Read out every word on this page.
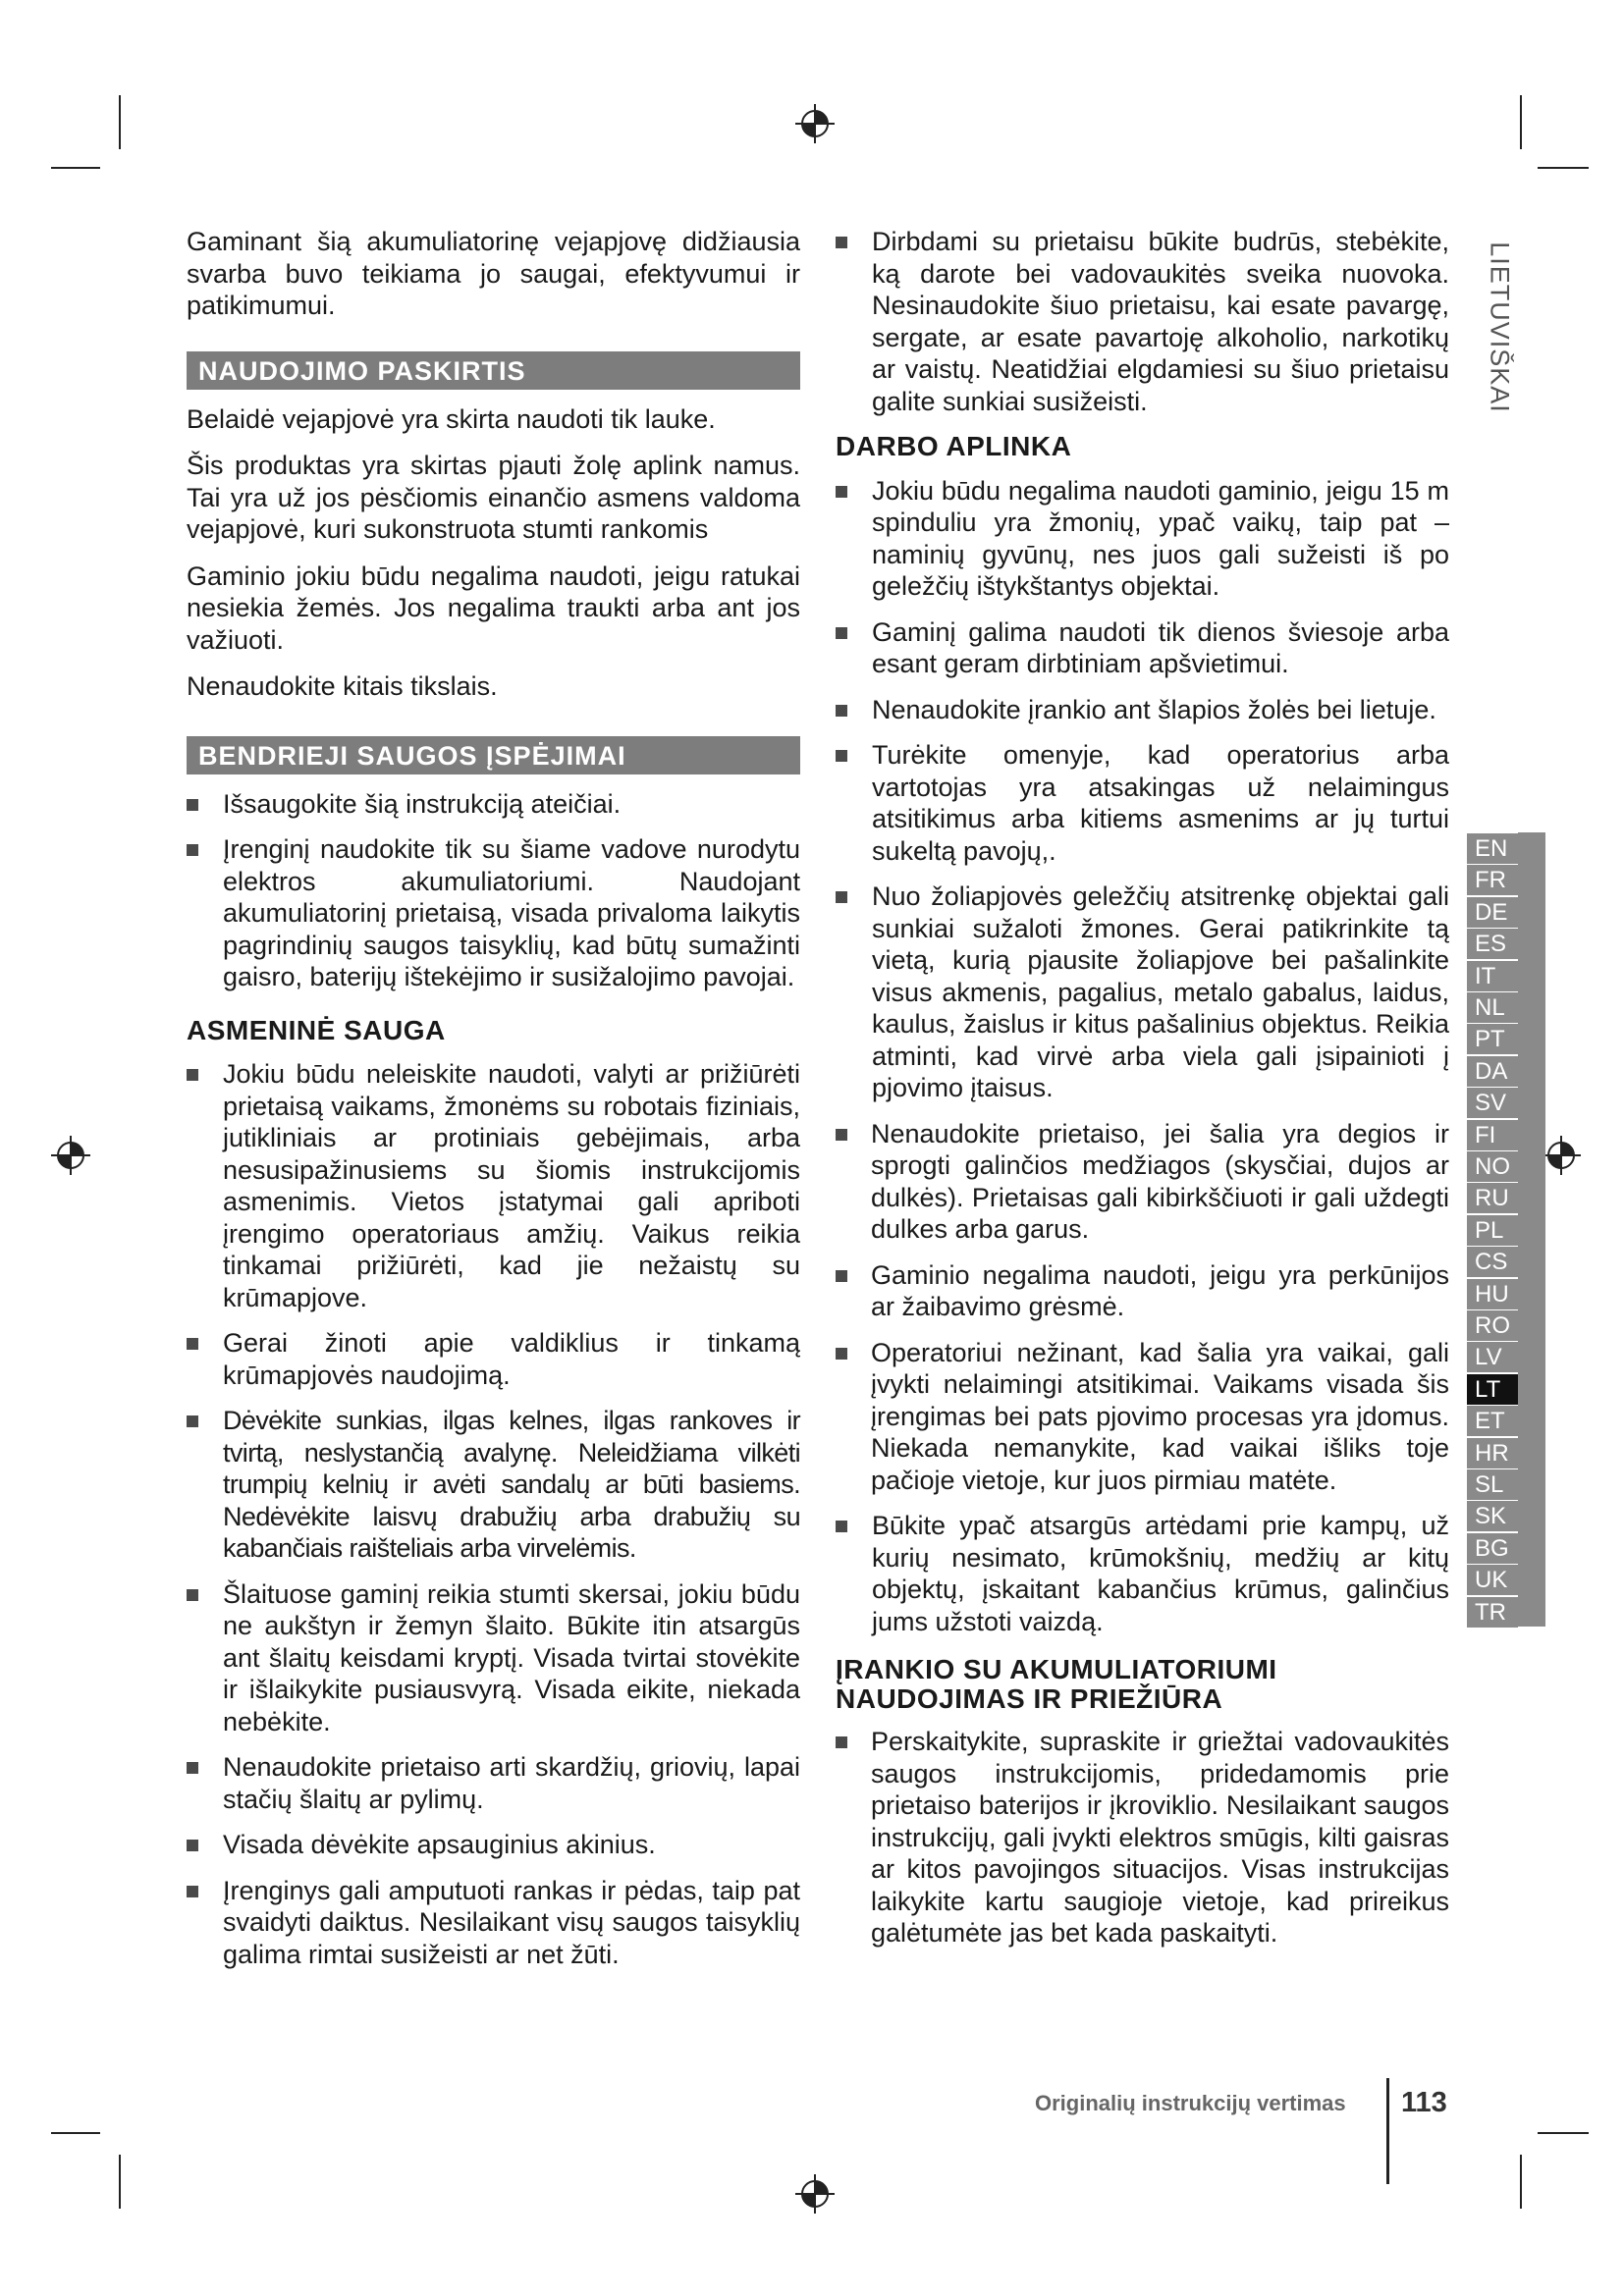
Gaminant šią akumuliatorinę vejapjovę didžiausia svarba buvo teikiama jo saugai, efektyvumui ir patikimumui.

NAUDOJIMO PASKIRTIS

Belaidė vejapjovė yra skirta naudoti tik lauke.

Šis produktas yra skirtas pjauti žolę aplink namus. Tai yra už jos pėsčiomis einančio asmens valdoma vejapjovė, kuri sukonstruota stumti rankomis

Gaminio jokiu būdu negalima naudoti, jeigu ratukai nesiekia žemės. Jos negalima traukti arba ant jos važiuoti.

Nenaudokite kitais tikslais.

BENDRIEJI SAUGOS ĮSPĖJIMAI
Išsaugokite šią instrukciją ateičiai.
Įrenginį naudokite tik su šiame vadove nurodytu elektros akumuliatoriumi. Naudojant akumuliatorinį prietaisą, visada privaloma laikytis pagrindinių saugos taisyklių, kad būtų sumažinti gaisro, baterijų ištekėjimo ir susižalojimo pavojai.
ASMENINĖ SAUGA
Jokiu būdu neleiskite naudoti, valyti ar prižiūrėti prietaisą vaikams, žmonėms su robotais fiziniais, jutikliniais ar protiniais gebėjimais, arba nesusipažinusiems su šiomis instrukcijomis asmenimis. Vietos įstatymai gali apriboti įrengimo operatoriaus amžių. Vaikus reikia tinkamai prižiūrėti, kad jie nežaistų su krūmapjove.
Gerai žinoti apie valdiklius ir tinkamą krūmapjovės naudojimą.
Dėvėkite sunkias, ilgas kelnes, ilgas rankoves ir tvirtą, neslystančią avalynę. Neleidžiama vilkėti trumpių kelnių ir avėti sandalų ar būti basiems. Nedėvėkite laisvų drabužių arba drabužių su kabančiais raišteliais arba virvelėmis.
Šlaituose gaminį reikia stumti skersai, jokiu būdu ne aukštyn ir žemyn šlaito. Būkite itin atsargūs ant šlaitų keisdami kryptį. Visada tvirtai stovėkite ir išlaikykite pusiausvyrą. Visada eikite, niekada nebėkite.
Nenaudokite prietaiso arti skardžių, griovių, lapai stačių šlaitų ar pylimų.
Visada dėvėkite apsauginius akinius.
Įrenginys gali amputuoti rankas ir pėdas, taip pat svaidyti daiktus. Nesilaikant visų saugos taisyklių galima rimtai susižeisti ar net žūti.
Dirbdami su prietaisu būkite budrūs, stebėkite, ką darote bei vadovaukitės sveika nuovoka. Nesinaudokite šiuo prietaisu, kai esate pavargę, sergate, ar esate pavartoję alkoholio, narkotikų ar vaistų. Neatidžiai elgdamiesi su šiuo prietaisu galite sunkiai susižeisti.
DARBO APLINKA
Jokiu būdu negalima naudoti gaminio, jeigu 15 m spinduliu yra žmonių, ypač vaikų, taip pat – naminių gyvūnų, nes juos gali sužeisti iš po geležčių ištykštantys objektai.
Gaminį galima naudoti tik dienos šviesoje arba esant geram dirbtiniam apšvietimui.
Nenaudokite įrankio ant šlapios žolės bei lietuje.
Turėkite omenyje, kad operatorius arba vartotojas yra atsakingas už nelaimingus atsitikimus arba kitiems asmenims ar jų turtui sukeltą pavojų,.
Nuo žoliapjovės geležčių atsitrenkę objektai gali sunkiai sužaloti žmones. Gerai patikrinkite tą vietą, kurią pjausite žoliapjove bei pašalinkite visus akmenis, pagalius, metalo gabalus, laidus, kaulus, žaislus ir kitus pašalinius objektus. Reikia atminti, kad virvė arba viela gali įsipainioti į pjovimo įtaisus.
Nenaudokite prietaiso, jei šalia yra degios ir sprogti galinčios medžiagos (skysčiai, dujos ar dulkės). Prietaisas gali kibirkščiuoti ir gali uždegti dulkes arba garus.
Gaminio negalima naudoti, jeigu yra perkūnijos ar žaibavimo grėsmė.
Operatoriui nežinant, kad šalia yra vaikai, gali įvykti nelaimingi atsitikimai. Vaikams visada šis įrengimas bei pats pjovimo procesas yra įdomus. Niekada nemanykite, kad vaikai išliks toje pačioje vietoje, kur juos pirmiau matėte.
Būkite ypač atsargūs artėdami prie kampų, už kurių nesimato, krūmokšnių, medžių ar kitų objektų, įskaitant kabančius krūmus, galinčius jums užstoti vaizdą.
ĮRANKIO SU AKUMULIATORIUMI
NAUDOJIMAS IR PRIEŽIŪRA
Perskaitykite, supraskite ir griežtai vadovaukitės saugos instrukcijomis, pridedamomis prie prietaiso baterijos ir įkroviklio. Nesilaikant saugos instrukcijų, gali įvykti elektros smūgis, kilti gaisras ar kitos pavojingos situacijos. Visas instrukcijas laikykite kartu saugioje vietoje, kad prireikus galėtumėte jas bet kada paskaityti.
LIETUVIŠKAI
EN
FR
DE
ES
IT
NL
PT
DA
SV
FI
NO
RU
PL
CS
HU
RO
LV
LT
ET
HR
SL
SK
BG
UK
TR
Originalių instrukcijų vertimas 113
